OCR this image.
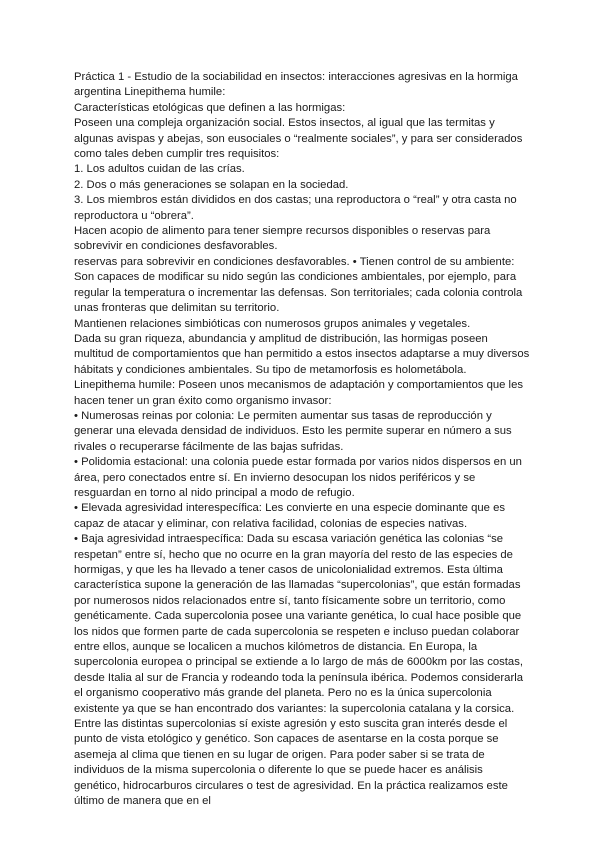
Práctica 1 - Estudio de la sociabilidad en insectos: interacciones agresivas en la hormiga argentina Linepithema humile:

Características etológicas que definen a las hormigas:

Poseen una compleja organización social. Estos insectos, al igual que las termitas y algunas avispas y abejas, son eusociales o “realmente sociales”, y para ser considerados como tales deben cumplir tres requisitos:

1. Los adultos cuidan de las crías.

2. Dos o más generaciones se solapan en la sociedad.

3. Los miembros están divididos en dos castas; una reproductora o “real” y otra casta no reproductora u “obrera”.

Hacen acopio de alimento para tener siempre recursos disponibles o reservas para sobrevivir en condiciones desfavorables.

reservas para sobrevivir en condiciones desfavorables. • Tienen control de su ambiente: Son capaces de modificar su nido según las condiciones ambientales, por ejemplo, para regular la temperatura o incrementar las defensas. Son territoriales; cada colonia controla unas fronteras que delimitan su territorio.

Mantienen relaciones simbióticas con numerosos grupos animales y vegetales.

Dada su gran riqueza, abundancia y amplitud de distribución, las hormigas poseen multitud de comportamientos que han permitido a estos insectos adaptarse a muy diversos hábitats y condiciones ambientales. Su tipo de metamorfosis es holometábola.

Linepithema humile: Poseen unos mecanismos de adaptación y comportamientos que les hacen tener un gran éxito como organismo invasor:

• Numerosas reinas por colonia: Le permiten aumentar sus tasas de reproducción y generar una elevada densidad de individuos. Esto les permite superar en número a sus rivales o recuperarse fácilmente de las bajas sufridas.

• Polidomia estacional: una colonia puede estar formada por varios nidos dispersos en un área, pero conectados entre sí. En invierno desocupan los nidos periféricos y se resguardan en torno al nido principal a modo de refugio.

• Elevada agresividad interespecífica: Les convierte en una especie dominante que es capaz de atacar y eliminar, con relativa facilidad, colonias de especies nativas.

• Baja agresividad intraespecífica: Dada su escasa variación genética las colonias “se respetan” entre sí, hecho que no ocurre en la gran mayoría del resto de las especies de hormigas, y que les ha llevado a tener casos de unicolonialidad extremos. Esta última característica supone la generación de las llamadas “supercolonias”, que están formadas por numerosos nidos relacionados entre sí, tanto físicamente sobre un territorio, como genéticamente. Cada supercolonia posee una variante genética, lo cual hace posible que los nidos que formen parte de cada supercolonia se respeten e incluso puedan colaborar entre ellos, aunque se localicen a muchos kilómetros de distancia. En Europa, la supercolonia europea o principal se extiende a lo largo de más de 6000km por las costas, desde Italia al sur de Francia y rodeando toda la península ibérica. Podemos considerarla el organismo cooperativo más grande del planeta. Pero no es la única supercolonia existente ya que se han encontrado dos variantes: la supercolonia catalana y la corsica. Entre las distintas supercolonias sí existe agresión y esto suscita gran interés desde el punto de vista etológico y genético. Son capaces de asentarse en la costa porque se asemeja al clima que tienen en su lugar de origen. Para poder saber si se trata de individuos de la misma supercolonia o diferente lo que se puede hacer es análisis genético, hidrocarburos circulares o test de agresividad. En la práctica realizamos este último de manera que en el
